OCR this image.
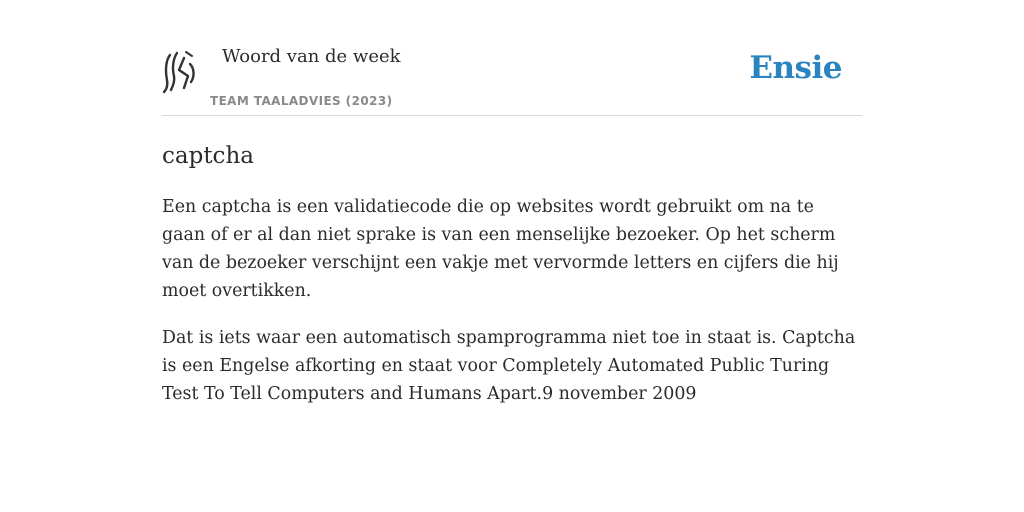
Woord van de week
TEAM TAALADVIES (2023)
Ensie
captcha

Een captcha is een validatiecode die op websites wordt gebruikt om na te gaan of er al dan niet sprake is van een menselijke bezoeker. Op het scherm van de bezoeker verschijnt een vakje met vervormde letters en cijfers die hij moet overtikken.

Dat is iets waar een automatisch spamprogramma niet toe in staat is. Captcha is een Engelse afkorting en staat voor Completely Automated Public Turing Test To Tell Computers and Humans Apart.9 november 2009
